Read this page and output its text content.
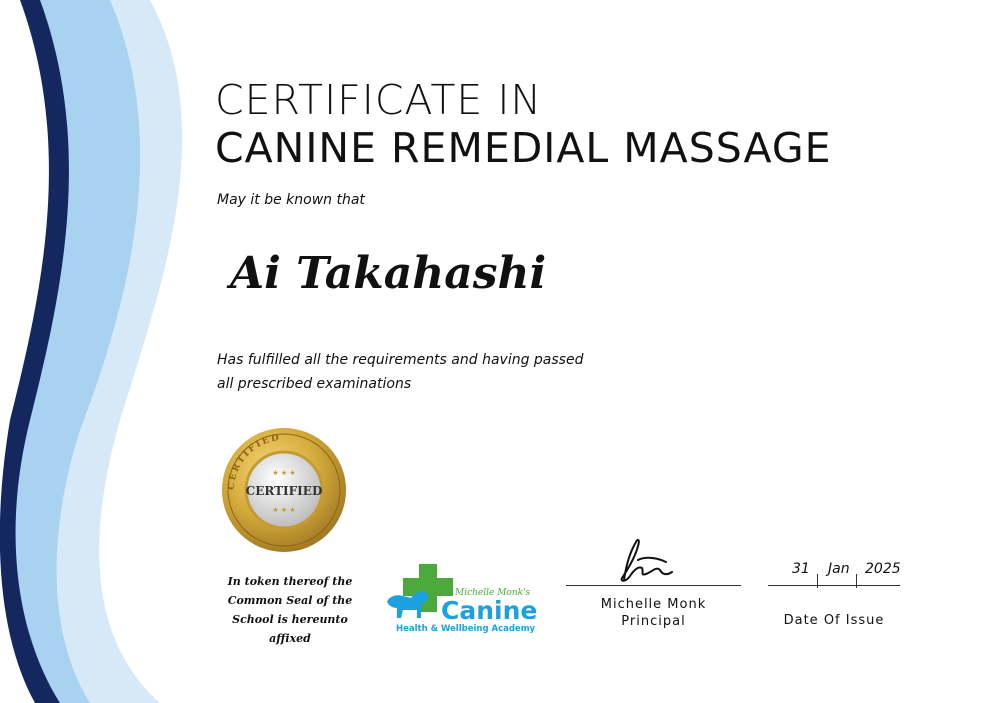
CERTIFICATE IN
CANINE REMEDIAL MASSAGE
May it be known that
Ai Takahashi
Has fulfilled all the requirements and having passed
all prescribed examinations
CERTIFIED
CERTIFIED
★ ★ ★
★ ★ ★
In token thereof the
Common Seal of the
School is hereunto affixed
Michelle Monk's
Canine
Health & Wellbeing Academy
Michelle Monk
Principal
31 Jan 2025
Date Of Issue
